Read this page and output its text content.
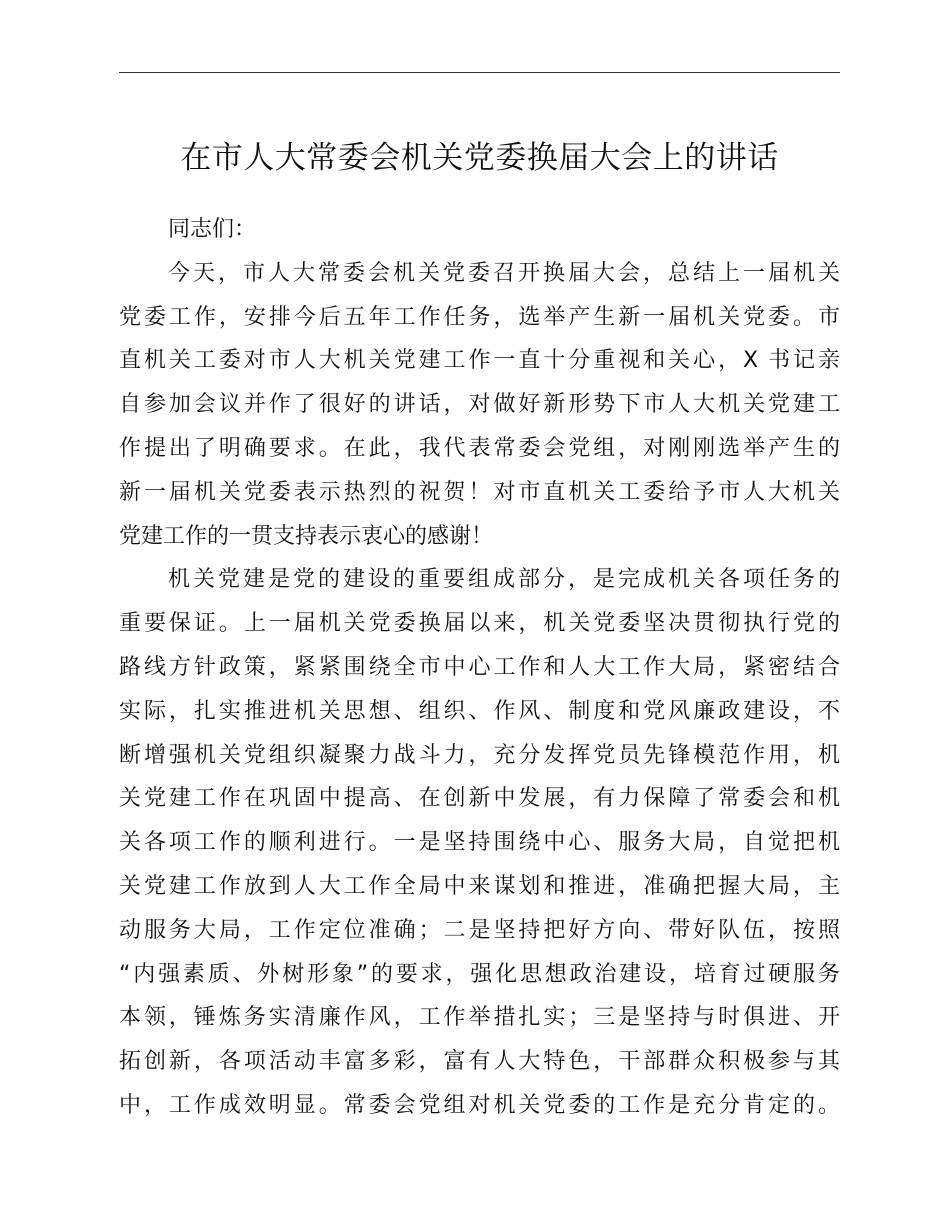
在市人大常委会机关党委换届大会上的讲话
同志们：
今天，市人大常委会机关党委召开换届大会，总结上一届机关
党委工作，安排今后五年工作任务，选举产生新一届机关党委。市
直机关工委对市人大机关党建工作一直十分重视和关心，X 书记亲
自参加会议并作了很好的讲话，对做好新形势下市人大机关党建工
作提出了明确要求。在此，我代表常委会党组，对刚刚选举产生的
新一届机关党委表示热烈的祝贺！对市直机关工委给予市人大机关
党建工作的一贯支持表示衷心的感谢！
机关党建是党的建设的重要组成部分，是完成机关各项任务的
重要保证。上一届机关党委换届以来，机关党委坚决贯彻执行党的
路线方针政策，紧紧围绕全市中心工作和人大工作大局，紧密结合
实际，扎实推进机关思想、组织、作风、制度和党风廉政建设，不
断增强机关党组织凝聚力战斗力，充分发挥党员先锋模范作用，机
关党建工作在巩固中提高、在创新中发展，有力保障了常委会和机
关各项工作的顺利进行。一是坚持围绕中心、服务大局，自觉把机
关党建工作放到人大工作全局中来谋划和推进，准确把握大局，主
动服务大局，工作定位准确；二是坚持把好方向、带好队伍，按照
“内强素质、外树形象”的要求，强化思想政治建设，培育过硬服务
本领，锤炼务实清廉作风，工作举措扎实；三是坚持与时俱进、开
拓创新，各项活动丰富多彩，富有人大特色，干部群众积极参与其
中，工作成效明显。常委会党组对机关党委的工作是充分肯定的。
